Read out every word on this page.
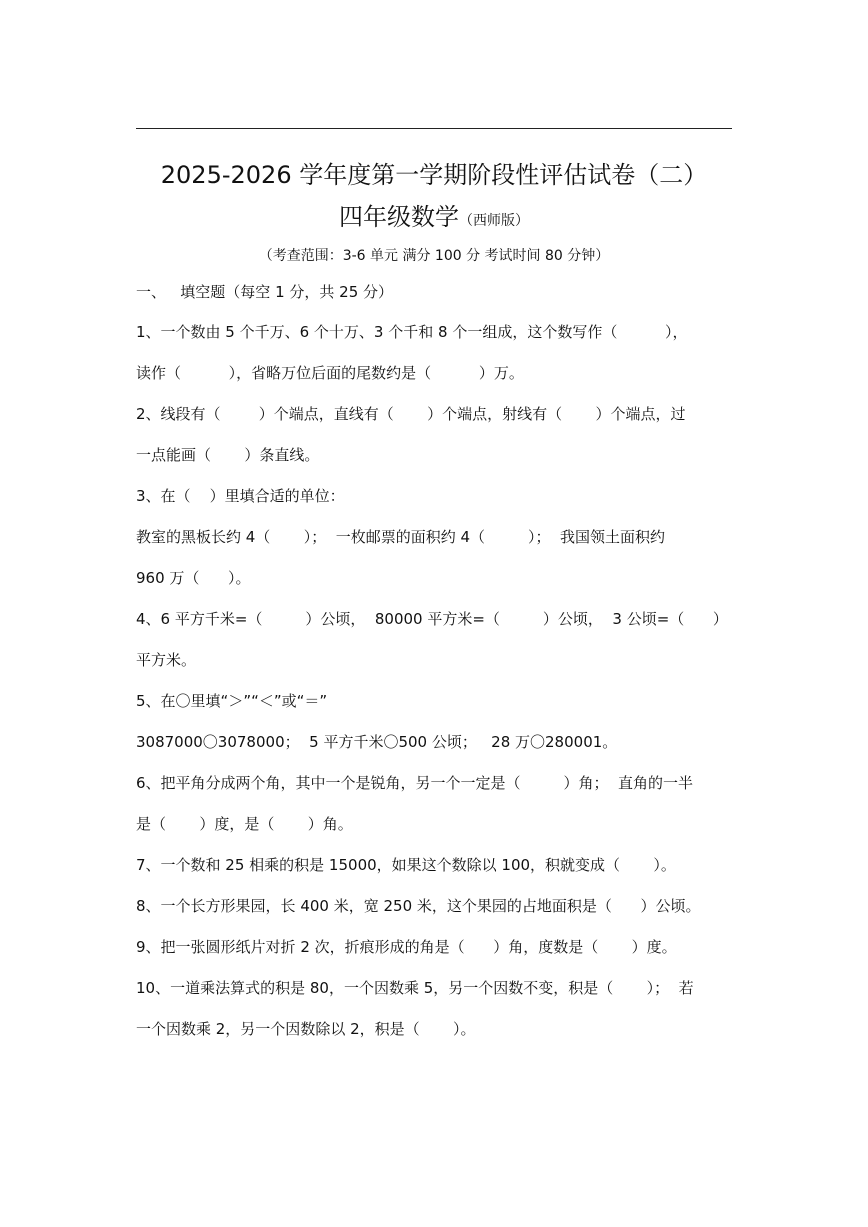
2025-2026 学年度第一学期阶段性评估试卷（二）
四年级数学（西师版）
（考查范围：3-6 单元 满分 100 分 考试时间 80 分钟）
一、   填空题（每空 1 分，共 25 分）
1、一个数由 5 个千万、6 个十万、3 个千和 8 个一组成，这个数写作（          ），
读作（          ），省略万位后面的尾数约是（          ）万。
2、线段有（        ）个端点，直线有（       ）个端点，射线有（       ）个端点，过
一点能画（       ）条直线。
3、在（    ）里填合适的单位：
教室的黑板长约 4（       ）；  一枚邮票的面积约 4（         ）；  我国领土面积约
960 万（      ）。
4、6 平方千米=（         ）公顷，  80000 平方米=（         ）公顷，  3 公顷=（      ）
平方米。
5、在〇里填“＞”“＜”或“＝”
3087000〇3078000；  5 平方千米〇500 公顷；   28 万〇280001。
6、把平角分成两个角，其中一个是锐角，另一个一定是（         ）角；  直角的一半
是（       ）度，是（       ）角。
7、一个数和 25 相乘的积是 15000，如果这个数除以 100，积就变成（       ）。
8、一个长方形果园，长 400 米，宽 250 米，这个果园的占地面积是（      ）公顷。
9、把一张圆形纸片对折 2 次，折痕形成的角是（      ）角，度数是（       ）度。
10、一道乘法算式的积是 80，一个因数乘 5，另一个因数不变，积是（       ）；  若
一个因数乘 2，另一个因数除以 2，积是（       ）。
